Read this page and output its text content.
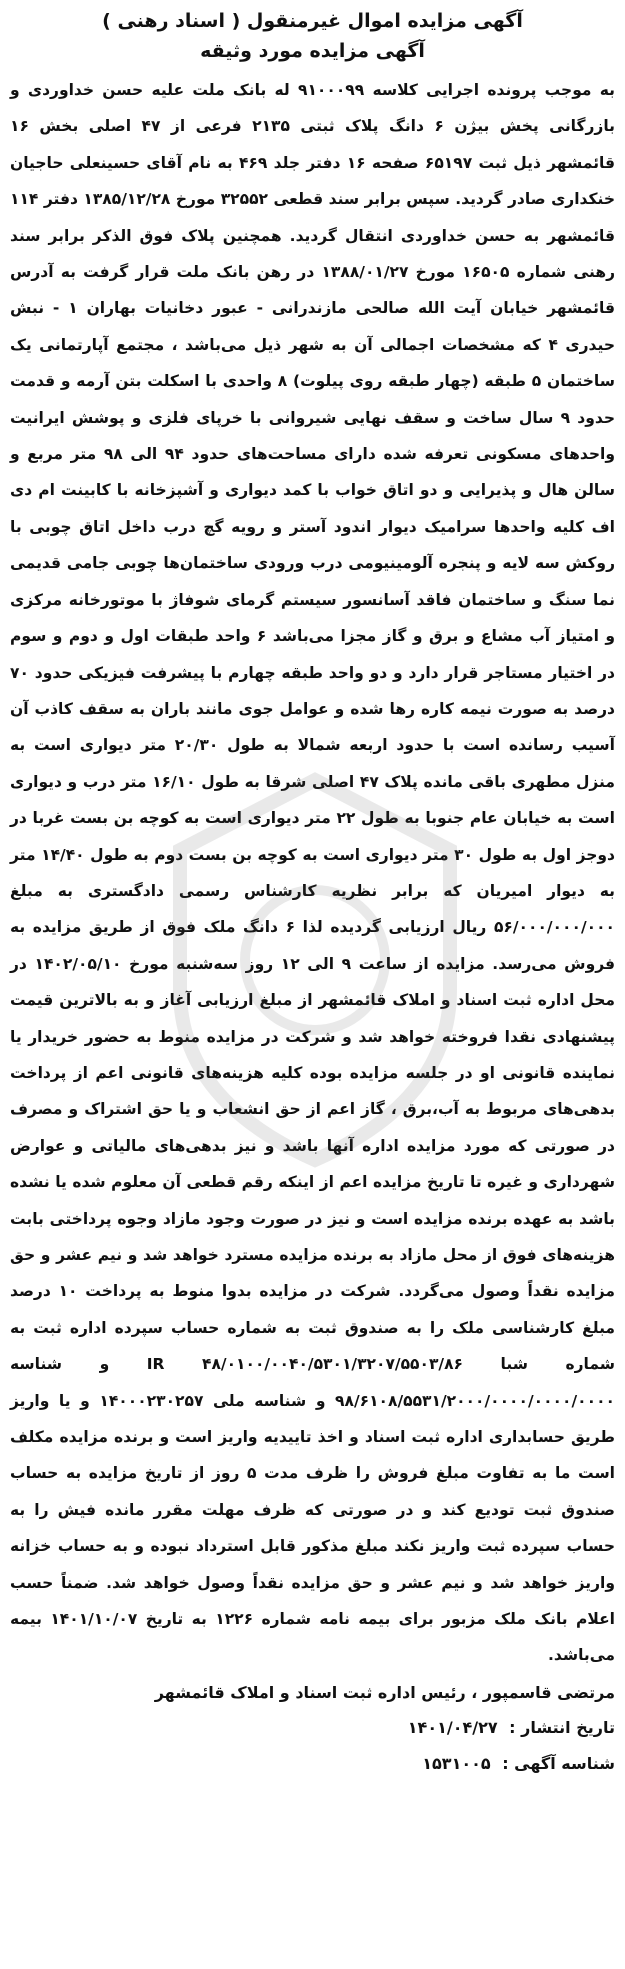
آگهی مزایده اموال غیرمنقول ( اسناد رهنی )
آگهی مزایده مورد وثیقه
به موجب پرونده اجرایی کلاسه ۹۱۰۰۰۹۹ له بانک ملت علیه حسن خداوردی و بازرگانی پخش بیژن ۶ دانگ پلاک ثبتی ۲۱۳۵ فرعی از ۴۷ اصلی بخش ۱۶ قائمشهر ذیل ثبت ۶۵۱۹۷ صفحه ۱۶ دفتر جلد ۴۶۹ به نام آقای حسینعلی حاجیان خنکداری صادر گردید. سپس برابر سند قطعی ۳۲۵۵۲ مورخ ۱۳۸۵/۱۲/۲۸ دفتر ۱۱۴ قائمشهر به حسن خداوردی انتقال گردید. همچنین پلاک فوق الذکر برابر سند رهنی شماره ۱۶۵۰۵ مورخ ۱۳۸۸/۰۱/۲۷ در رهن بانک ملت قرار گرفت به آدرس قائمشهر خیابان آیت الله صالحی مازندرانی - عبور دخانیات بهاران ۱ - نبش حیدری ۴ که مشخصات اجمالی آن به شهر ذیل می‌باشد ، مجتمع آپارتمانی یک ساختمان ۵ طبقه (چهار طبقه روی پیلوت) ۸ واحدی با اسکلت بتن آرمه و قدمت حدود ۹ سال ساخت و سقف نهایی شیروانی با خرپای فلزی و پوشش ایرانیت واحدهای مسکونی تعرفه شده دارای مساحت‌های حدود ۹۴ الی ۹۸ متر مربع و سالن هال و پذیرایی و دو اتاق خواب با کمد دیواری و آشپزخانه با کابینت ام دی اف کلیه واحدها سرامیک دیوار اندود آستر و رویه گچ درب داخل اتاق چوبی با روکش سه لایه و پنجره آلومینیومی درب ورودی ساختمان‌ها چوبی جامی قدیمی نما سنگ و ساختمان فاقد آسانسور سیستم گرمای شوفاژ با موتورخانه مرکزی و امتیاز آب مشاع و برق و گاز مجزا می‌باشد ۶ واحد طبقات اول و دوم و سوم در اختیار مستاجر قرار دارد و دو واحد طبقه چهارم با پیشرفت فیزیکی حدود ۷۰ درصد به صورت نیمه کاره رها شده و عوامل جوی مانند باران به سقف کاذب آن آسیب رسانده است با حدود اربعه شمالا به طول ۲۰/۳۰ متر دیواری است به منزل مطهری باقی مانده پلاک ۴۷ اصلی شرقا به طول ۱۶/۱۰ متر درب و دیواری است به خیابان عام جنوبا به طول ۲۲ متر دیواری است به کوچه بن بست غربا در دوجز اول به طول ۳۰ متر دیواری است به کوچه بن بست دوم به طول ۱۴/۴۰ متر به دیوار امیریان که برابر نظریه کارشناس رسمی دادگستری به مبلغ ۵۶/۰۰۰/۰۰۰/۰۰۰ ریال ارزیابی گردیده لذا ۶ دانگ ملک فوق از طریق مزایده به فروش می‌رسد. مزایده از ساعت ۹ الی ۱۲ روز سه‌شنبه مورخ ۱۴۰۲/۰۵/۱۰ در محل اداره ثبت اسناد و املاک قائمشهر از مبلغ ارزیابی آغاز و به بالاترین قیمت پیشنهادی نقدا فروخته خواهد شد و شرکت در مزایده منوط به حضور خریدار یا نماینده قانونی او در جلسه مزایده بوده کلیه هزینه‌های قانونی اعم از پرداخت بدهی‌های مربوط به آب،برق ، گاز اعم از حق انشعاب و یا حق اشتراک و مصرف در صورتی که مورد مزایده اداره آنها باشد و نیز بدهی‌های مالیاتی و عوارض شهرداری و غیره تا تاریخ مزایده اعم از اینکه رقم قطعی آن معلوم شده یا نشده باشد به عهده برنده مزایده است و نیز در صورت وجود مازاد وجوه پرداختی بابت هزینه‌های فوق از محل مازاد به برنده مزایده مسترد خواهد شد و نیم عشر و حق مزایده نقداً وصول می‌گردد. شرکت در مزایده بدوا منوط به پرداخت ۱۰ درصد مبلغ کارشناسی ملک را به صندوق ثبت به شماره حساب سپرده اداره ثبت به شماره شبا IR ۴۸/۰۱۰۰/۰۰۴۰/۵۳۰۱/۳۲۰۷/۵۵۰۳/۸۶ و شناسه ۹۸/۶۱۰۸/۵۵۳۱/۲۰۰۰/۰۰۰۰/۰۰۰۰/۰۰۰۰ و شناسه ملی ۱۴۰۰۰۲۳۰۲۵۷ و یا واریز طریق حسابداری اداره ثبت اسناد و اخذ تاییدیه واریز است و برنده مزایده مکلف است ما به تفاوت مبلغ فروش را ظرف مدت ۵ روز از تاریخ مزایده به حساب صندوق ثبت تودیع کند و در صورتی که ظرف مهلت مقرر مانده فیش را به حساب سپرده ثبت واریز نکند مبلغ مذکور قابل استرداد نبوده و به حساب خزانه واریز خواهد شد و نیم عشر و حق مزایده نقداً وصول خواهد شد. ضمناً حسب اعلام بانک ملک مزبور برای بیمه نامه شماره ۱۲۲۶ به تاریخ ۱۴۰۱/۱۰/۰۷ بیمه می‌باشد.
مرتضی قاسمپور ، رئیس اداره ثبت اسناد و املاک قائمشهر
تاریخ انتشار : ۱۴۰۱/۰۴/۲۷
شناسه آگهی : ۱۵۳۱۰۰۵
